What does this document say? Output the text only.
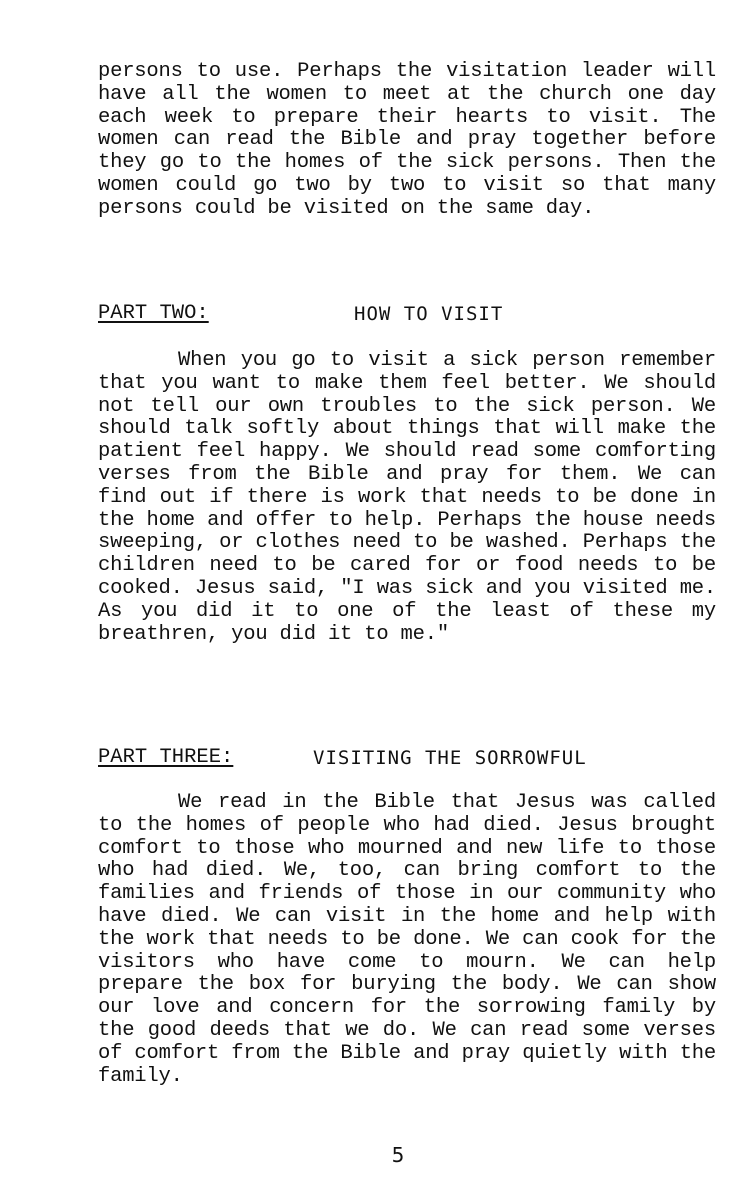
persons to use. Perhaps the visitation leader will have all the women to meet at the church one day each week to prepare their hearts to visit. The women can read the Bible and pray together before they go to the homes of the sick persons. Then the women could go two by two to visit so that many persons could be visited on the same day.

PART TWO:	HOW TO VISIT

When you go to visit a sick person remember that you want to make them feel better. We should not tell our own troubles to the sick person. We should talk softly about things that will make the patient feel happy. We should read some comforting verses from the Bible and pray for them. We can find out if there is work that needs to be done in the home and offer to help. Perhaps the house needs sweeping, or clothes need to be washed. Perhaps the children need to be cared for or food needs to be cooked. Jesus said, "I was sick and you visited me. As you did it to one of the least of these my breathren, you did it to me."

PART THREE:	VISITING THE SORROWFUL

We read in the Bible that Jesus was called to the homes of people who had died. Jesus brought comfort to those who mourned and new life to those who had died. We, too, can bring comfort to the families and friends of those in our community who have died. We can visit in the home and help with the work that needs to be done. We can cook for the visitors who have come to mourn. We can help prepare the box for burying the body. We can show our love and concern for the sorrowing family by the good deeds that we do. We can read some verses of comfort from the Bible and pray quietly with the family.

5
